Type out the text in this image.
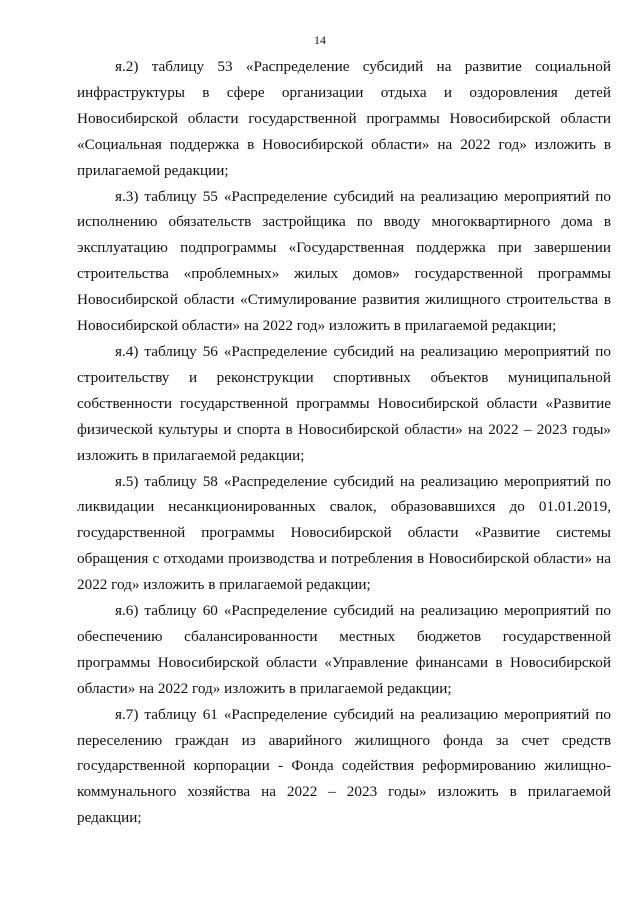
14

я.2) таблицу 53 «Распределение субсидий на развитие социальной инфраструктуры в сфере организации отдыха и оздоровления детей Новосибирской области государственной программы Новосибирской области «Социальная поддержка в Новосибирской области» на 2022 год» изложить в прилагаемой редакции;

я.3) таблицу 55 «Распределение субсидий на реализацию мероприятий по исполнению обязательств застройщика по вводу многоквартирного дома в эксплуатацию подпрограммы «Государственная поддержка при завершении строительства «проблемных» жилых домов» государственной программы Новосибирской области «Стимулирование развития жилищного строительства в Новосибирской области» на 2022 год» изложить в прилагаемой редакции;

я.4) таблицу 56 «Распределение субсидий на реализацию мероприятий по строительству и реконструкции спортивных объектов муниципальной собственности государственной программы Новосибирской области «Развитие физической культуры и спорта в Новосибирской области» на 2022 – 2023 годы» изложить в прилагаемой редакции;

я.5) таблицу 58 «Распределение субсидий на реализацию мероприятий по ликвидации несанкционированных свалок, образовавшихся до 01.01.2019, государственной программы Новосибирской области «Развитие системы обращения с отходами производства и потребления в Новосибирской области» на 2022 год» изложить в прилагаемой редакции;

я.6) таблицу 60 «Распределение субсидий на реализацию мероприятий по обеспечению сбалансированности местных бюджетов государственной программы Новосибирской области «Управление финансами в Новосибирской области» на 2022 год» изложить в прилагаемой редакции;

я.7) таблицу 61 «Распределение субсидий на реализацию мероприятий по переселению граждан из аварийного жилищного фонда за счет средств государственной корпорации - Фонда содействия реформированию жилищно-коммунального хозяйства на 2022 – 2023 годы» изложить в прилагаемой редакции;
